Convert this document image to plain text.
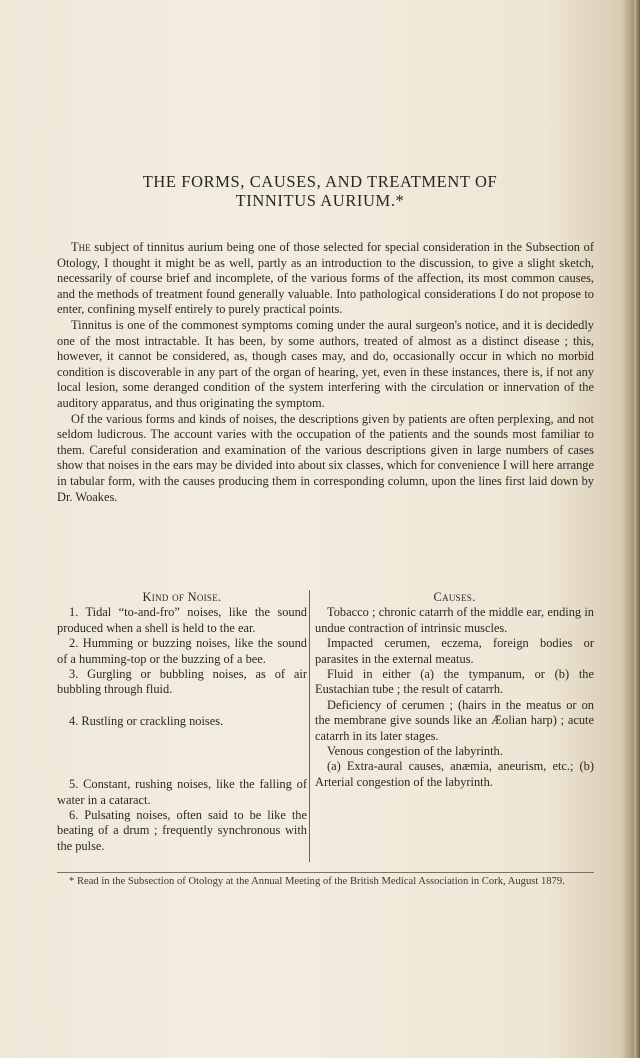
THE FORMS, CAUSES, AND TREATMENT OF
TINNITUS AURIUM.*

The subject of tinnitus aurium being one of those selected for special consideration in the Subsection of Otology, I thought it might be as well, partly as an introduction to the discussion, to give a slight sketch, necessarily of course brief and incomplete, of the various forms of the affection, its most common causes, and the methods of treatment found generally valuable. Into pathological considerations I do not propose to enter, confining myself entirely to purely practical points.

Tinnitus is one of the commonest symptoms coming under the aural surgeon's notice, and it is decidedly one of the most intractable. It has been, by some authors, treated of almost as a distinct disease ; this, however, it cannot be considered, as, though cases may, and do, occasionally occur in which no morbid condition is discoverable in any part of the organ of hearing, yet, even in these instances, there is, if not any local lesion, some deranged condition of the system interfering with the circulation or innervation of the auditory apparatus, and thus originating the symptom.

Of the various forms and kinds of noises, the descriptions given by patients are often perplexing, and not seldom ludicrous. The account varies with the occupation of the patients and the sounds most familiar to them. Careful consideration and examination of the various descriptions given in large numbers of cases show that noises in the ears may be divided into about six classes, which for convenience I will here arrange in tabular form, with the causes producing them in corresponding column, upon the lines first laid down by Dr. Woakes.

Kind of Noise.

1. Tidal “to-and-fro” noises, like the sound produced when a shell is held to the ear.

2. Humming or buzzing noises, like the sound of a humming-top or the buzzing of a bee.

3. Gurgling or bubbling noises, as of air bubbling through fluid.

4. Rustling or crackling noises.

5. Constant, rushing noises, like the falling of water in a cataract.

6. Pulsating noises, often said to be like the beating of a drum ; frequently synchronous with the pulse.

Causes.

Tobacco ; chronic catarrh of the middle ear, ending in undue contraction of intrinsic muscles.

Impacted cerumen, eczema, foreign bodies or parasites in the external meatus.

Fluid in either (a) the tympanum, or (b) the Eustachian tube ; the result of catarrh.

Deficiency of cerumen ; (hairs in the meatus or on the membrane give sounds like an Æolian harp) ; acute catarrh in its later stages.

Venous congestion of the labyrinth.

(a) Extra-aural causes, anæmia, aneurism, etc.; (b) Arterial congestion of the labyrinth.

* Read in the Subsection of Otology at the Annual Meeting of the British Medical Association in Cork, August 1879.
